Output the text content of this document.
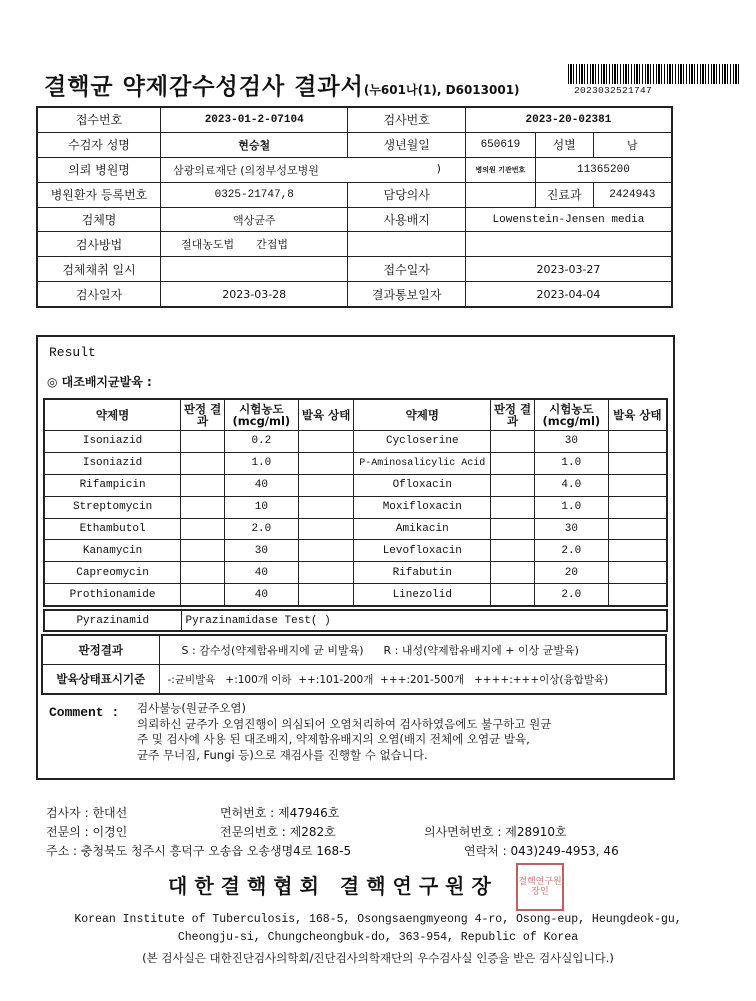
결핵균 약제감수성검사 결과서(누601나(1), D6013001)	2023032521747
접수번호	2023-01-2-07104	검사번호	2023-20-02381		
수검자 성명	현승철	생년월일	650619	성별	남
의뢰 병원명	삼광의료재단 (의정부성모병원 )		병의원 기관번호	11365200	
병원환자 등록번호	0325-21747,8	담당의사		진료과	2424943
검체명	액상균주	사용배지	Lowenstein-Jensen media		
검사방법	절대농도법 간접법				
검체채취 일시		접수일자	2023-03-27		
검사일자	2023-03-28	결과통보일자	2023-04-04		
Result
◎ 대조배지균발육 :
약제명	판정 결과	시험농도 (mcg/ml)	발육 상태	약제명	판정 결과	시험농도 (mcg/ml)	발육 상태
Isoniazid		0.2		Cycloserine		30	
Isoniazid		1.0		P-Aminosalicylic Acid		1.0	
Rifampicin		40		Ofloxacin		4.0	
Streptomycin		10		Moxifloxacin		1.0	
Ethambutol		2.0		Amikacin		30	
Kanamycin		30		Levofloxacin		2.0	
Capreomycin		40		Rifabutin		20	
Prothionamide		40		Linezolid		2.0	
Pyrazinamid	Pyrazinamidase Test( )
판정결과	S : 감수성(약제함유배지에 균 비발육) R : 내성(약제함유배지에 + 이상 균발육)
발육상태표시기준	-:균비발육   +:100개 이하  ++:101-200개  +++:201-500개   ++++:+++이상(융합발육)
Comment : 검사불능(원균주오염)
의뢰하신 균주가 오염진행이 의심되어 오염처리하여 검사하였음에도 불구하고 원균
주 및 검사에 사용 된 대조배지, 약제함유배지의 오염(배지 전체에 오염균 발육,
균주 무너짐, Fungi 등)으로 재검사를 진행할 수 없습니다.
검사자 : 한대선	면허번호 : 제47946호
전문의 : 이경인	전문의번호 : 제282호	의사면허번호 : 제28910호
주소 : 충청북도 청주시 흥덕구 오송읍 오송생명4로 168-5	연락처 : 043)249-4953, 46
대한결핵협회 결핵연구원장 결핵연구원장인
Korean Institute of Tuberculosis, 168-5, Osongsaengmyeong 4-ro, Osong-eup, Heungdeok-gu,
Cheongju-si, Chungcheongbuk-do, 363-954, Republic of Korea
(본 검사실은 대한진단검사의학회/진단검사의학재단의 우수검사실 인증을 받은 검사실입니다.)
